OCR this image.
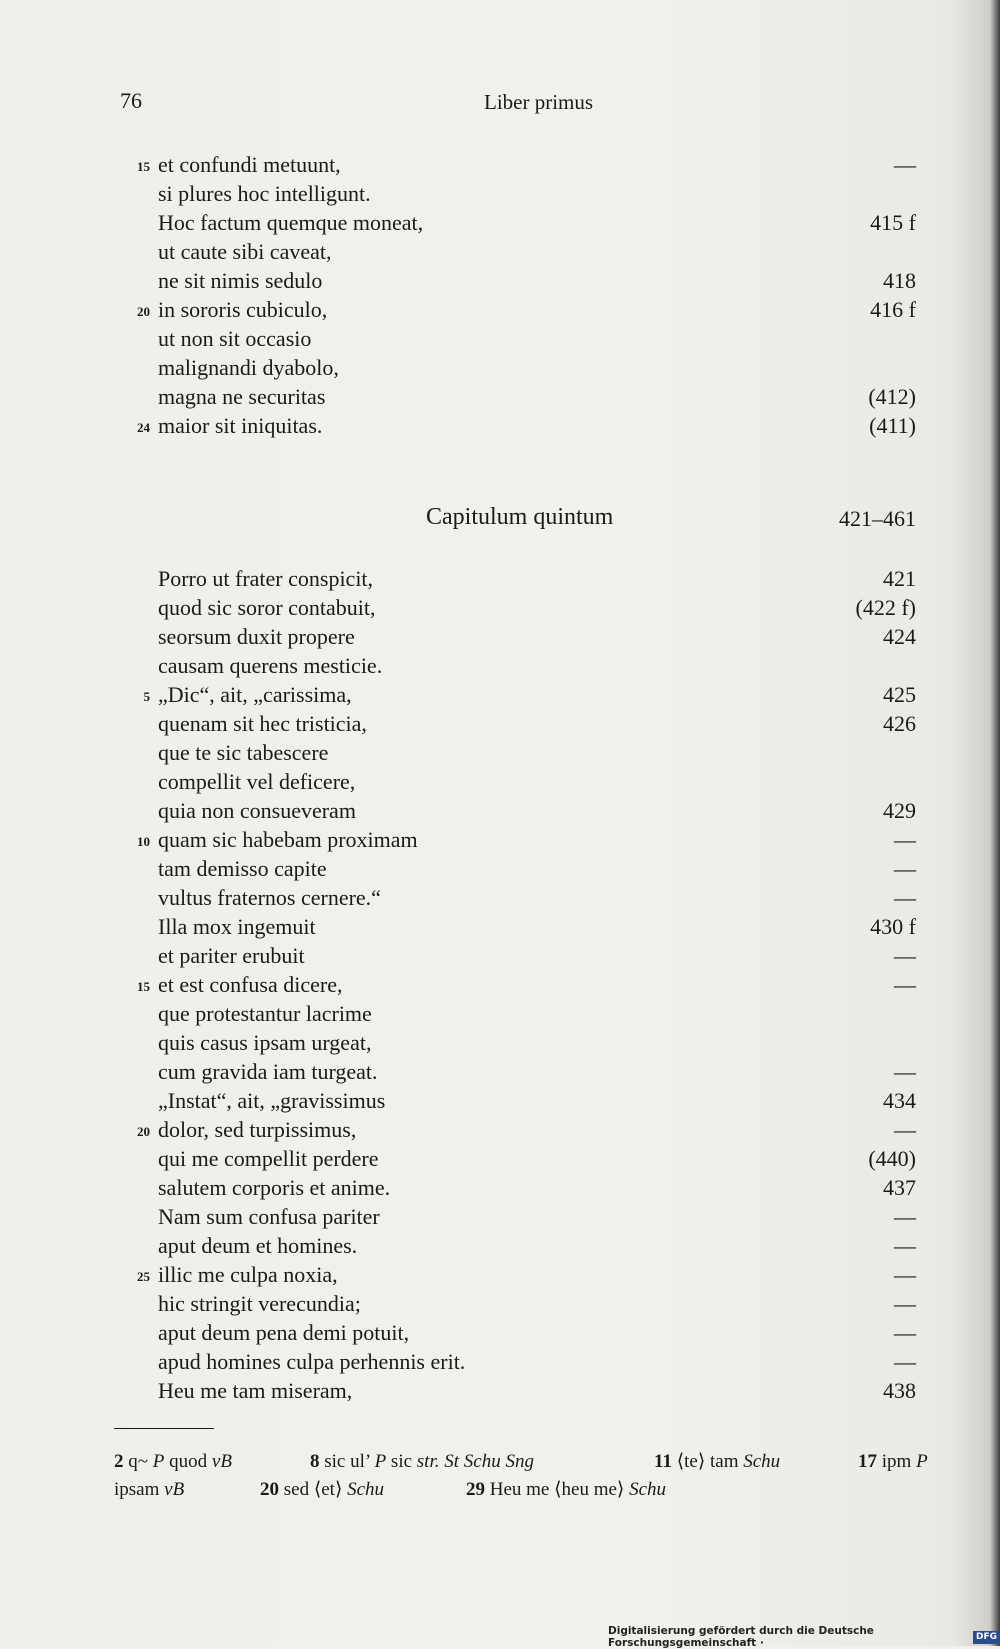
76	Liber primus
15 et confundi metuunt,	—
si plures hoc intelligunt.
Hoc factum quemque moneat,	415 f
ut caute sibi caveat,
ne sit nimis sedulo	418
20 in sororis cubiculo,	416 f
ut non sit occasio
malignandi dyabolo,
magna ne securitas	(412)
24 maior sit iniquitas.	(411)
Capitulum quintum	421–461
Porro ut frater conspicit,	421
quod sic soror contabuit,	(422 f)
seorsum duxit propere	424
causam querens mesticie.
5 „Dic“, ait, „carissima,	425
quenam sit hec tristicia,	426
que te sic tabescere
compellit vel deficere,
quia non consueveram	429
10 quam sic habebam proximam	—
tam demisso capite	—
vultus fraternos cernere.“	—
Illa mox ingemuit	430 f
et pariter erubuit	—
15 et est confusa dicere,	—
que protestantur lacrime
quis casus ipsam urgeat,
cum gravida iam turgeat.	—
„Instat“, ait, „gravissimus	434
20 dolor, sed turpissimus,	—
qui me compellit perdere	(440)
salutem corporis et anime.	437
Nam sum confusa pariter	—
aput deum et homines.	—
25 illic me culpa noxia,	—
hic stringit verecundia;	—
aput deum pena demi potuit,	—
apud homines culpa perhennis erit.	—
Heu me tam miseram,	438
2 q~ P quod vB	8 sic ul’ P sic str. St Schu Sng	11 ⟨te⟩ tam Schu	17 ipm P
ipsam vB	20 sed ⟨et⟩ Schu	29 Heu me ⟨heu me⟩ Schu
Digitalisierung gefördert durch die Deutsche Forschungsgemeinschaft ·
DFG
